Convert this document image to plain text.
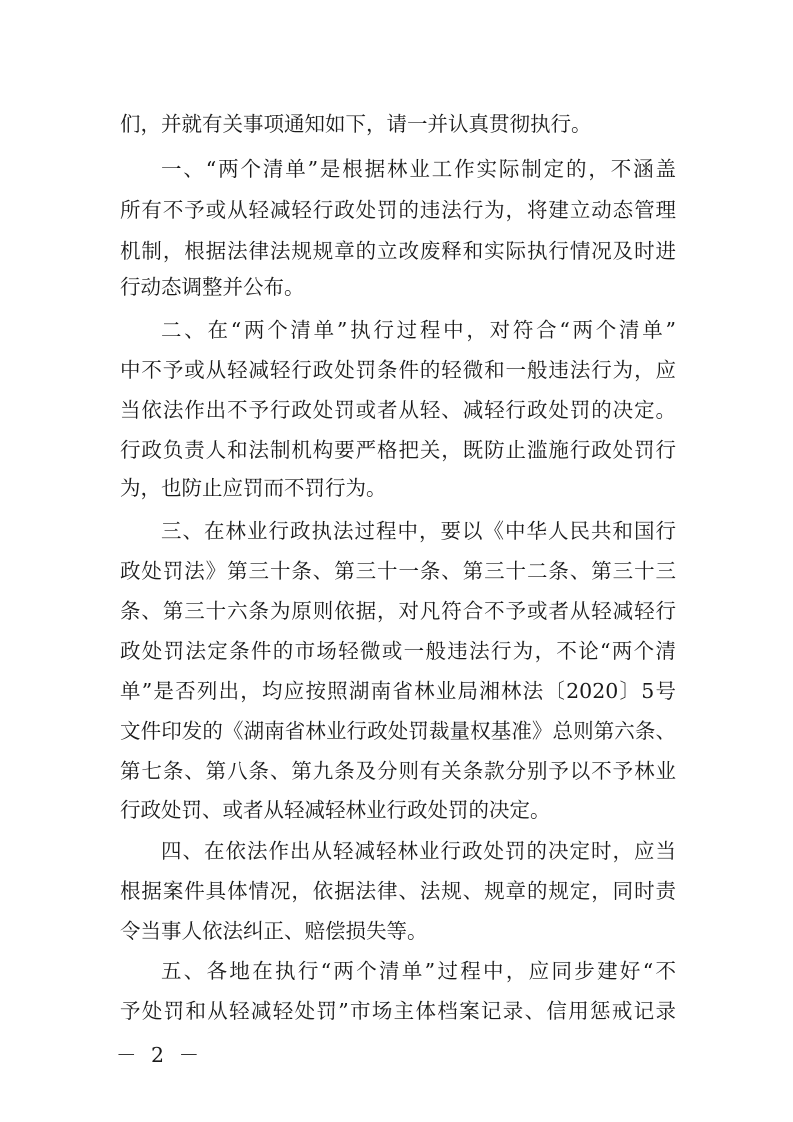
们，并就有关事项通知如下，请一并认真贯彻执行。
一、“两个清单”是根据林业工作实际制定的，不涵盖
所有不予或从轻减轻行政处罚的违法行为，将建立动态管理
机制，根据法律法规规章的立改废释和实际执行情况及时进
行动态调整并公布。
二、在“两个清单”执行过程中，对符合“两个清单”
中不予或从轻减轻行政处罚条件的轻微和一般违法行为，应
当依法作出不予行政处罚或者从轻、减轻行政处罚的决定。
行政负责人和法制机构要严格把关，既防止滥施行政处罚行
为，也防止应罚而不罚行为。
三、在林业行政执法过程中，要以《中华人民共和国行
政处罚法》第三十条、第三十一条、第三十二条、第三十三
条、第三十六条为原则依据，对凡符合不予或者从轻减轻行
政处罚法定条件的市场轻微或一般违法行为，不论“两个清
单”是否列出，均应按照湖南省林业局湘林法〔2020〕5号
文件印发的《湖南省林业行政处罚裁量权基准》总则第六条、
第七条、第八条、第九条及分则有关条款分别予以不予林业
行政处罚、或者从轻减轻林业行政处罚的决定。
四、在依法作出从轻减轻林业行政处罚的决定时，应当
根据案件具体情况，依据法律、法规、规章的规定，同时责
令当事人依法纠正、赔偿损失等。
五、各地在执行“两个清单”过程中，应同步建好“不
予处罚和从轻减轻处罚”市场主体档案记录、信用惩戒记录
－ 2 －
